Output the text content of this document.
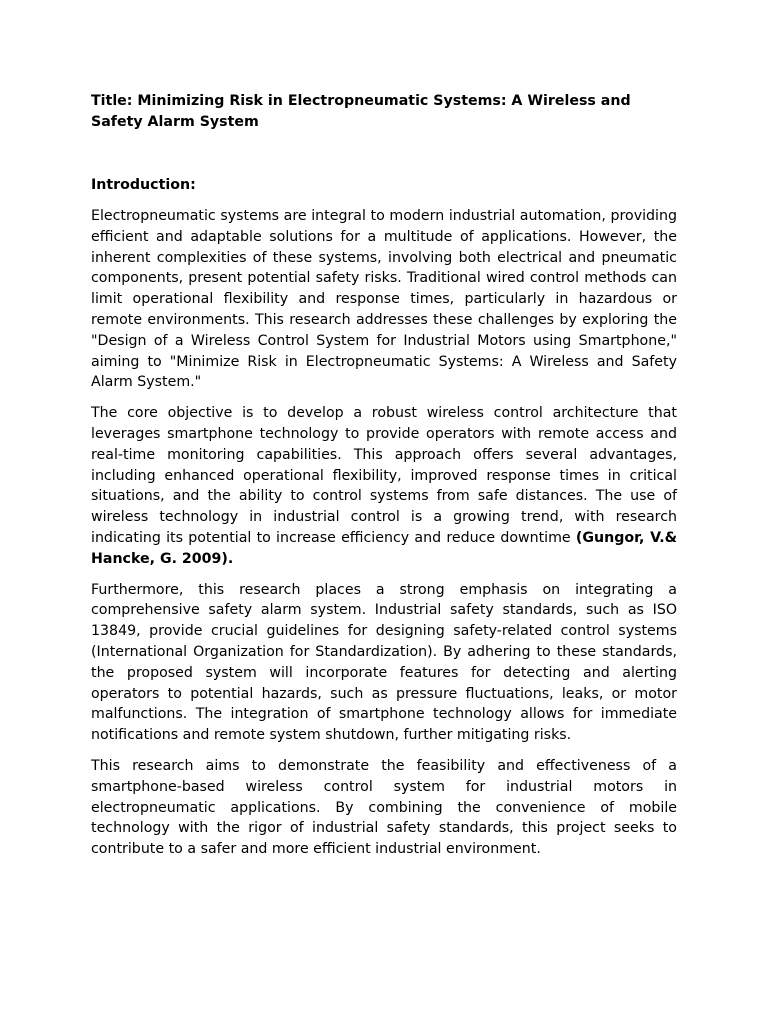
Title: Minimizing Risk in Electropneumatic Systems: A Wireless and Safety Alarm System
Introduction:

Electropneumatic systems are integral to modern industrial automation, providing efficient and adaptable solutions for a multitude of applications. However, the inherent complexities of these systems, involving both electrical and pneumatic components, present potential safety risks. Traditional wired control methods can limit operational flexibility and response times, particularly in hazardous or remote environments. This research addresses these challenges by exploring the "Design of a Wireless Control System for Industrial Motors using Smartphone," aiming to "Minimize Risk in Electropneumatic Systems: A Wireless and Safety Alarm System."

The core objective is to develop a robust wireless control architecture that leverages smartphone technology to provide operators with remote access and real-time monitoring capabilities. This approach offers several advantages, including enhanced operational flexibility, improved response times in critical situations, and the ability to control systems from safe distances. The use of wireless technology in industrial control is a growing trend, with research indicating its potential to increase efficiency and reduce downtime (Gungor, V.& Hancke, G. 2009).

Furthermore, this research places a strong emphasis on integrating a comprehensive safety alarm system. Industrial safety standards, such as ISO 13849, provide crucial guidelines for designing safety-related control systems (International Organization for Standardization). By adhering to these standards, the proposed system will incorporate features for detecting and alerting operators to potential hazards, such as pressure fluctuations, leaks, or motor malfunctions. The integration of smartphone technology allows for immediate notifications and remote system shutdown, further mitigating risks.

This research aims to demonstrate the feasibility and effectiveness of a smartphone-based wireless control system for industrial motors in electropneumatic applications. By combining the convenience of mobile technology with the rigor of industrial safety standards, this project seeks to contribute to a safer and more efficient industrial environment.
